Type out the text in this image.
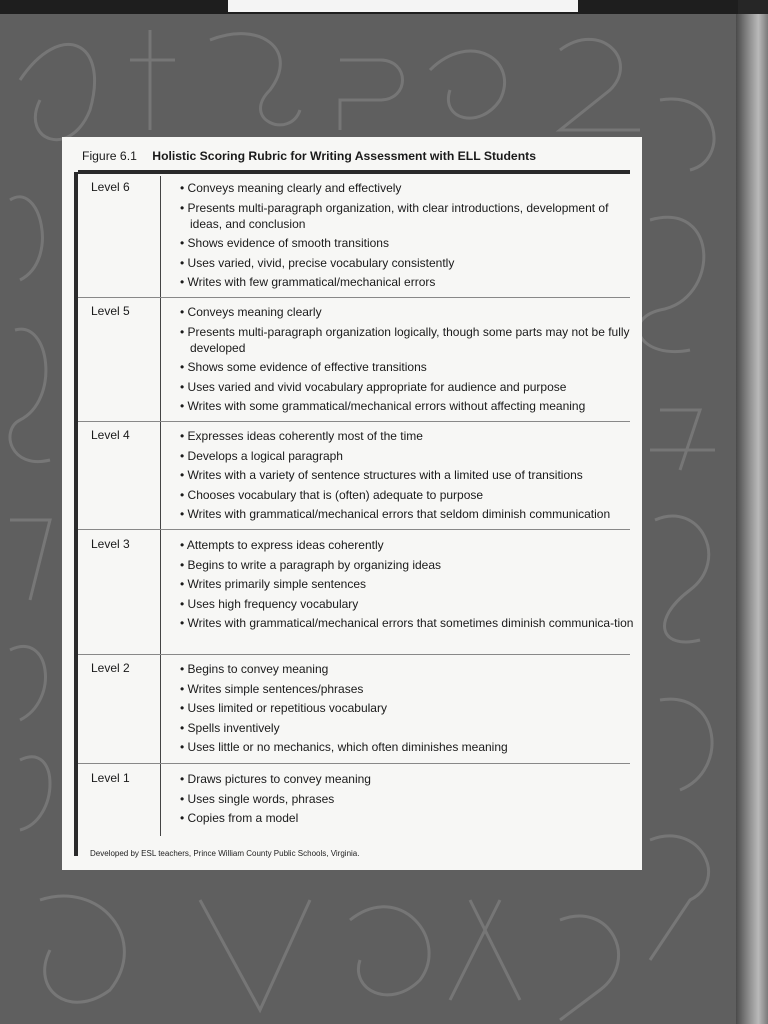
Figure 6.1 Holistic Scoring Rubric for Writing Assessment with ELL Students
Level 6	• Conveys meaning clearly and effectively
• Presents multi-paragraph organization, with clear introductions, development of ideas, and conclusion
• Shows evidence of smooth transitions
• Uses varied, vivid, precise vocabulary consistently
• Writes with few grammatical/mechanical errors
Level 5	• Conveys meaning clearly
• Presents multi-paragraph organization logically, though some parts may not be fully developed
• Shows some evidence of effective transitions
• Uses varied and vivid vocabulary appropriate for audience and purpose
• Writes with some grammatical/mechanical errors without affecting meaning
Level 4	• Expresses ideas coherently most of the time
• Develops a logical paragraph
• Writes with a variety of sentence structures with a limited use of transitions
• Chooses vocabulary that is (often) adequate to purpose
• Writes with grammatical/mechanical errors that seldom diminish communication
Level 3	• Attempts to express ideas coherently
• Begins to write a paragraph by organizing ideas
• Writes primarily simple sentences
• Uses high frequency vocabulary
• Writes with grammatical/mechanical errors that sometimes diminish communica-tion
Level 2	• Begins to convey meaning
• Writes simple sentences/phrases
• Uses limited or repetitious vocabulary
• Spells inventively
• Uses little or no mechanics, which often diminishes meaning
Level 1	• Draws pictures to convey meaning
• Uses single words, phrases
• Copies from a model
Developed by ESL teachers, Prince William County Public Schools, Virginia.
